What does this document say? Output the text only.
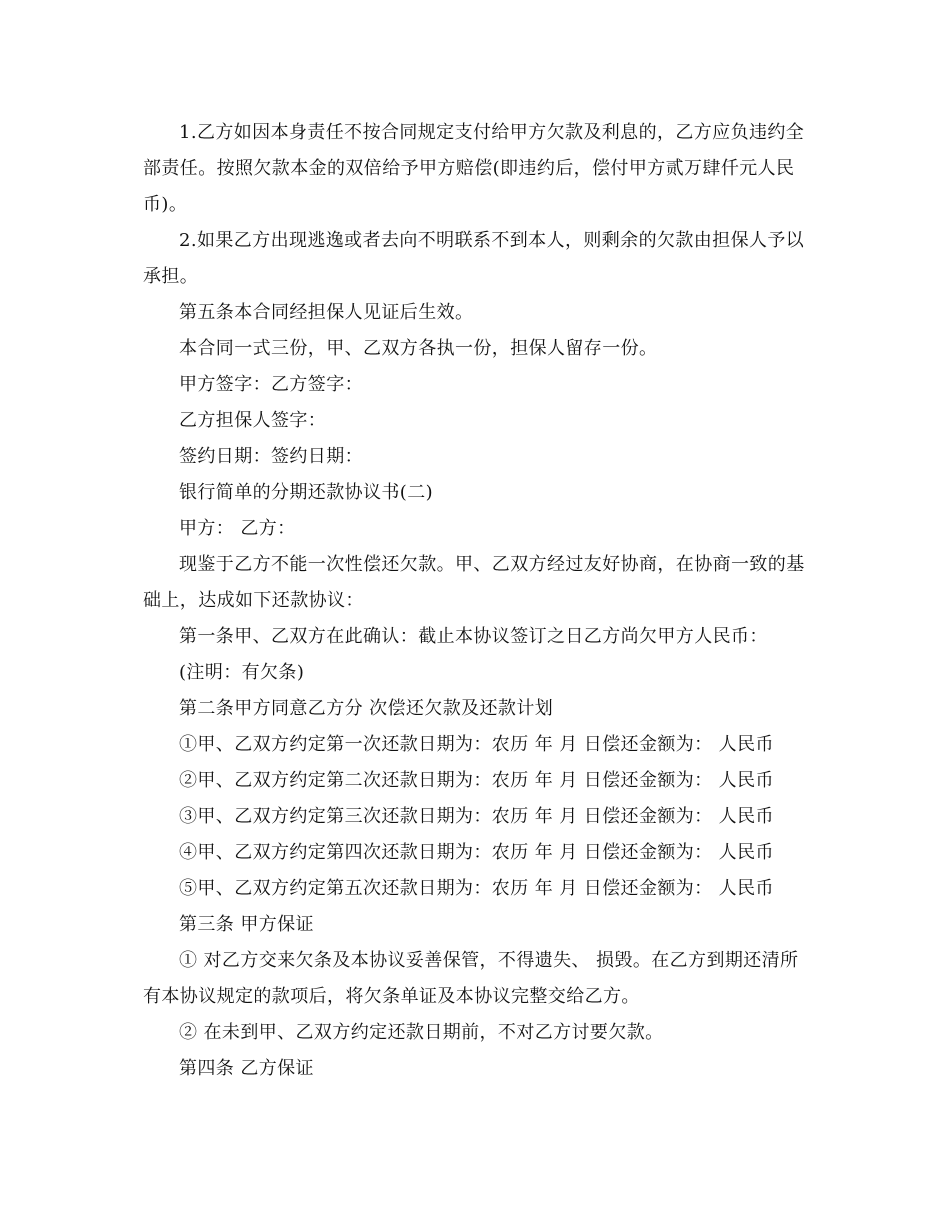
1.乙方如因本身责任不按合同规定支付给甲方欠款及利息的，乙方应负违约全部责任。按照欠款本金的双倍给予甲方赔偿(即违约后，偿付甲方贰万肆仟元人民币)。

2.如果乙方出现逃逸或者去向不明联系不到本人，则剩余的欠款由担保人予以承担。

第五条本合同经担保人见证后生效。

本合同一式三份，甲、乙双方各执一份，担保人留存一份。

甲方签字：乙方签字：

乙方担保人签字：

签约日期：签约日期：

银行简单的分期还款协议书(二)

甲方： 乙方：

现鉴于乙方不能一次性偿还欠款。甲、乙双方经过友好协商，在协商一致的基础上，达成如下还款协议：

第一条甲、乙双方在此确认：截止本协议签订之日乙方尚欠甲方人民币：

(注明：有欠条)

第二条甲方同意乙方分 次偿还欠款及还款计划

①甲、乙双方约定第一次还款日期为：农历 年 月 日偿还金额为： 人民币

②甲、乙双方约定第二次还款日期为：农历 年 月 日偿还金额为： 人民币

③甲、乙双方约定第三次还款日期为：农历 年 月 日偿还金额为： 人民币

④甲、乙双方约定第四次还款日期为：农历 年 月 日偿还金额为： 人民币

⑤甲、乙双方约定第五次还款日期为：农历 年 月 日偿还金额为： 人民币

第三条 甲方保证

① 对乙方交来欠条及本协议妥善保管，不得遗失、 损毁。在乙方到期还清所有本协议规定的款项后，将欠条单证及本协议完整交给乙方。

② 在未到甲、乙双方约定还款日期前，不对乙方讨要欠款。

第四条 乙方保证
